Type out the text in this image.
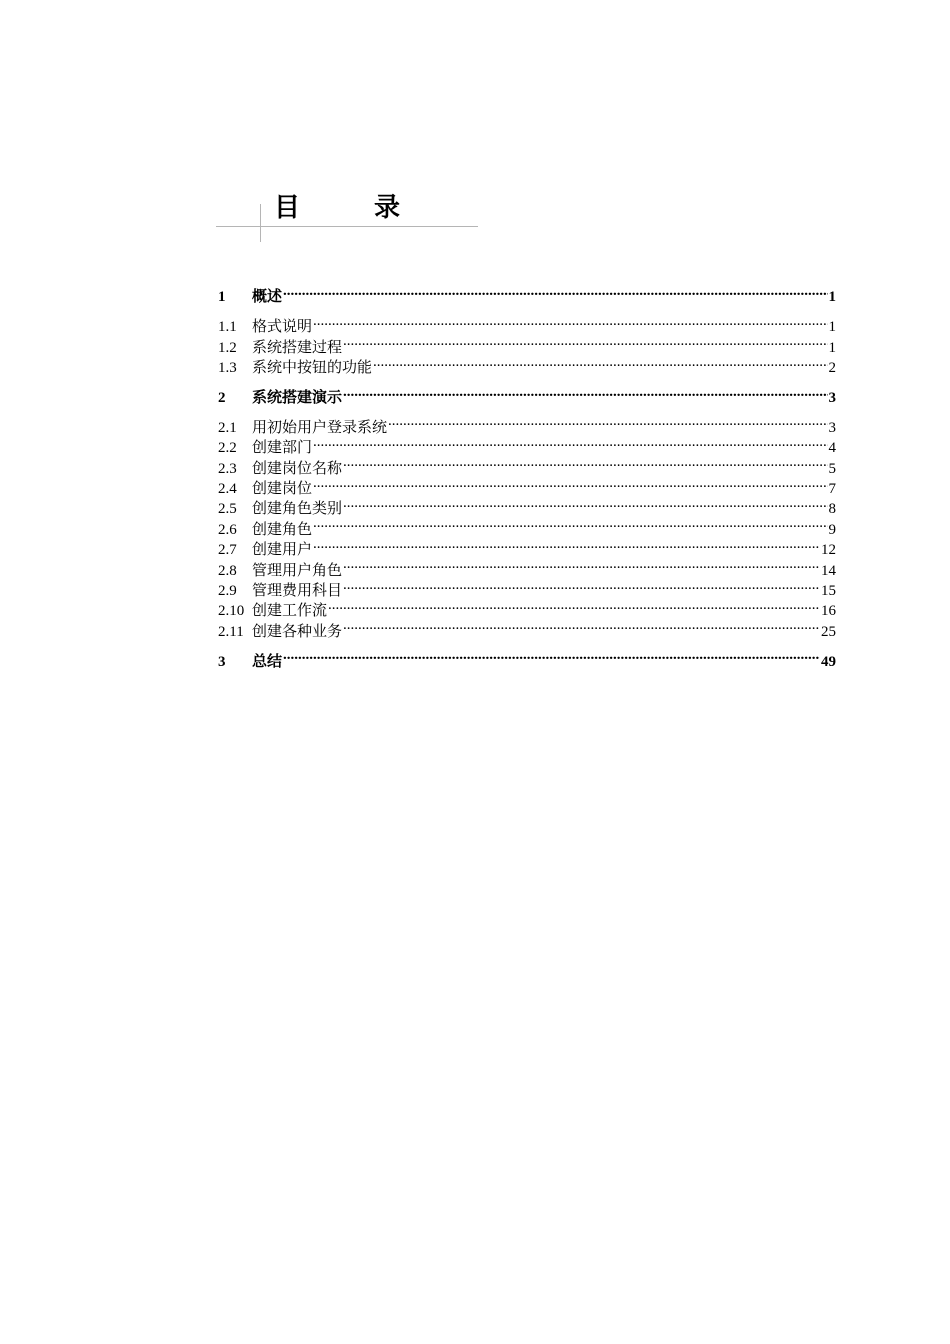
目　录
1	概述 .....	1
1.1	格式说明 .....	1
1.2	系统搭建过程 .....	1
1.3	系统中按钮的功能 .....	2
2	系统搭建演示 .....	3
2.1	用初始用户登录系统 .....	3
2.2	创建部门 .....	4
2.3	创建岗位名称 .....	5
2.4	创建岗位 .....	7
2.5	创建角色类别 .....	8
2.6	创建角色 .....	9
2.7	创建用户 .....	12
2.8	管理用户角色 .....	14
2.9	管理费用科目 .....	15
2.10 创建工作流 .....	16
2.11 创建各种业务 .....	25
3	总结 .....	49
